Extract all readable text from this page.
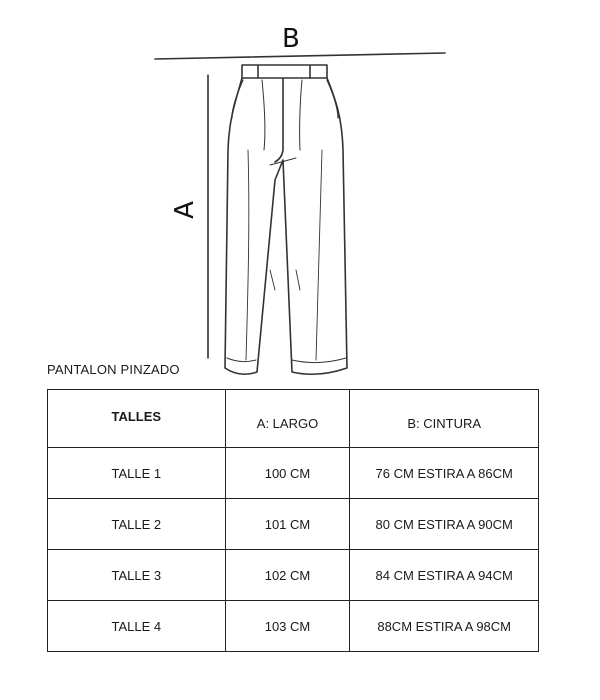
B
A
PANTALON PINZADO
TALLES	A: LARGO	B: CINTURA
TALLE 1	100 CM	76 CM ESTIRA A 86CM
TALLE 2	101 CM	80 CM ESTIRA A 90CM
TALLE 3	102 CM	84 CM ESTIRA A 94CM
TALLE 4	103 CM	88CM ESTIRA A 98CM
